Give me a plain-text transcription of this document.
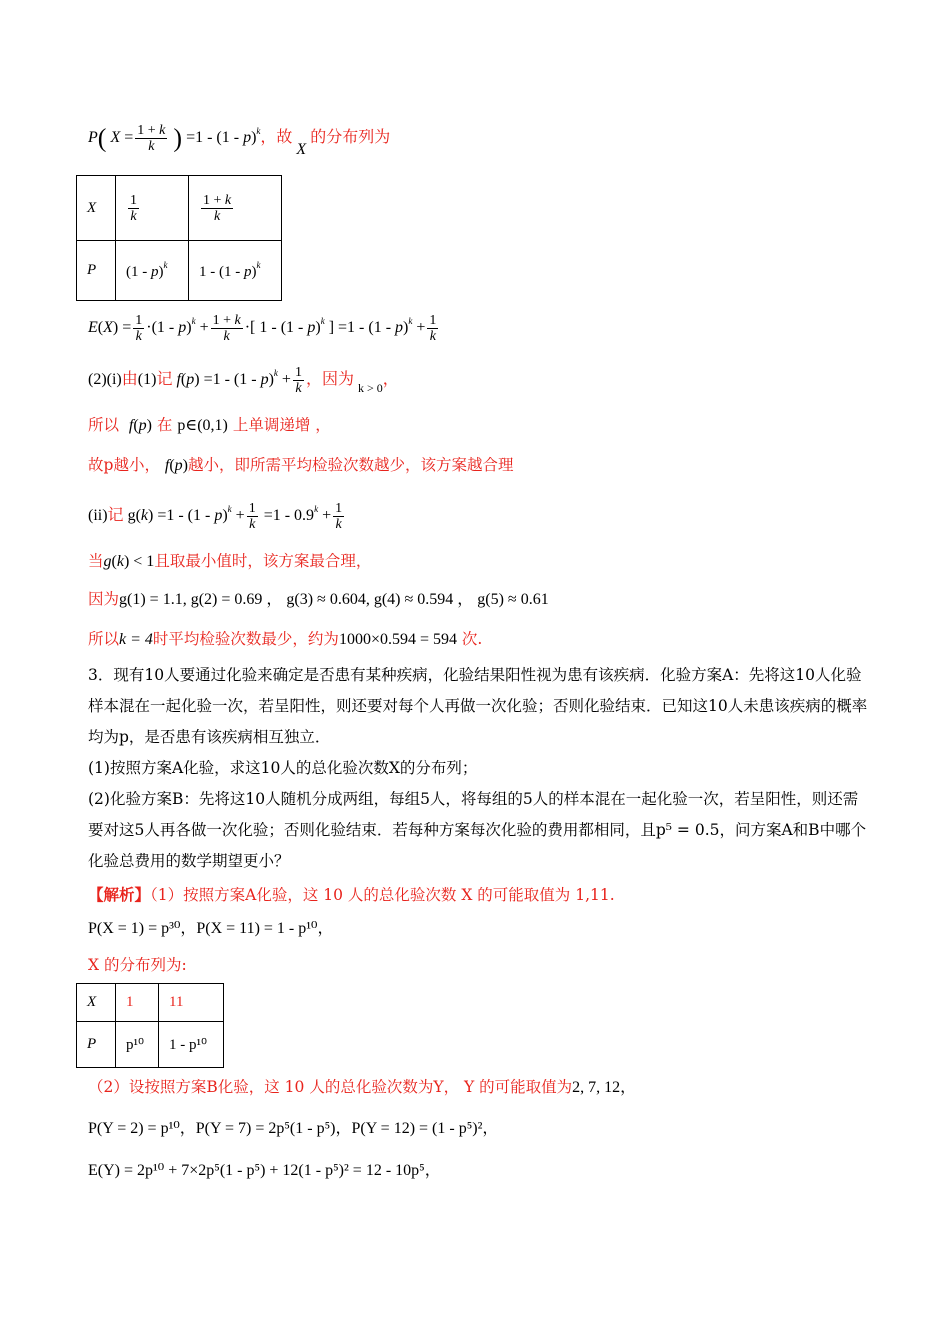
P( $X = \frac{1 + k}{k}$ ) =1 - (1 - p)$^k$，故 X 的分布列为
X	$\frac{1}{k}$	$\frac{1 + k}{k}$

P	(1 - p)$^k$	1 - (1 - p)$^k$
$E(X) = \frac{1}{k} \cdot(1 - p)^k + \frac{1 + k}{k}$ ·[ 1 - (1 - p)$^k$ ] $=1 - (1 - p)^k + \frac{1}{k}$
(2)(i)由(1)记 $f(p) =1 - (1 - p)^k + \frac{1}{k}$ ，因为 $_{k > 0}$，
所以 f(p) 在 p∈(0,1) 上单调递增 ，
故p越小， f(p)越小，即所需平均检验次数越少，该方案越合理
(ii)记 $g(k) =1 - (1 - p)^k + \frac{1}{k} =1 - 0.9^k + \frac{1}{k}$
当g(k) < 1且取最小值时，该方案最合理，
因为g(1) = 1.1, g(2) = 0.69 ， g(3) ≈ 0.604, g(4) ≈ 0.594 ， g(5) ≈ 0.61
所以k = 4时平均检验次数最少，约为1000×0.594 = 594 次.
3．现有10人要通过化验来确定是否患有某种疾病，化验结果阳性视为患有该疾病．化验方案A：先将这10人化验样本混在一起化验一次，若呈阳性，则还要对每个人再做一次化验；否则化验结束．已知这10人未患该疾病的概率均为p，是否患有该疾病相互独立．
(1)按照方案A化验，求这10人的总化验次数X的分布列；
(2)化验方案B：先将这10人随机分成两组，每组5人，将每组的5人的样本混在一起化验一次，若呈阳性，则还需要对这5人再各做一次化验；否则化验结束．若每种方案每次化验的费用都相同，且p⁵ = 0.5，问方案A和B中哪个化验总费用的数学期望更小？
【解析】（1）按照方案A化验，这 10 人的总化验次数 X 的可能取值为 1,11.
P(X = 1) = p³⁰，P(X = 11) = 1 - p¹⁰，
X 的分布列为:
X	1	11
P	p¹⁰	1 - p¹⁰
（2）设按照方案B化验，这 10 人的总化验次数为Y， Y 的可能取值为2, 7, 12，
P(Y = 2) = p¹⁰，P(Y = 7) = 2p⁵(1 - p⁵)，P(Y = 12) = (1 - p⁵)²，
E(Y) = 2p¹⁰ + 7×2p⁵(1 - p⁵) + 12(1 - p⁵)² = 12 - 10p⁵，
